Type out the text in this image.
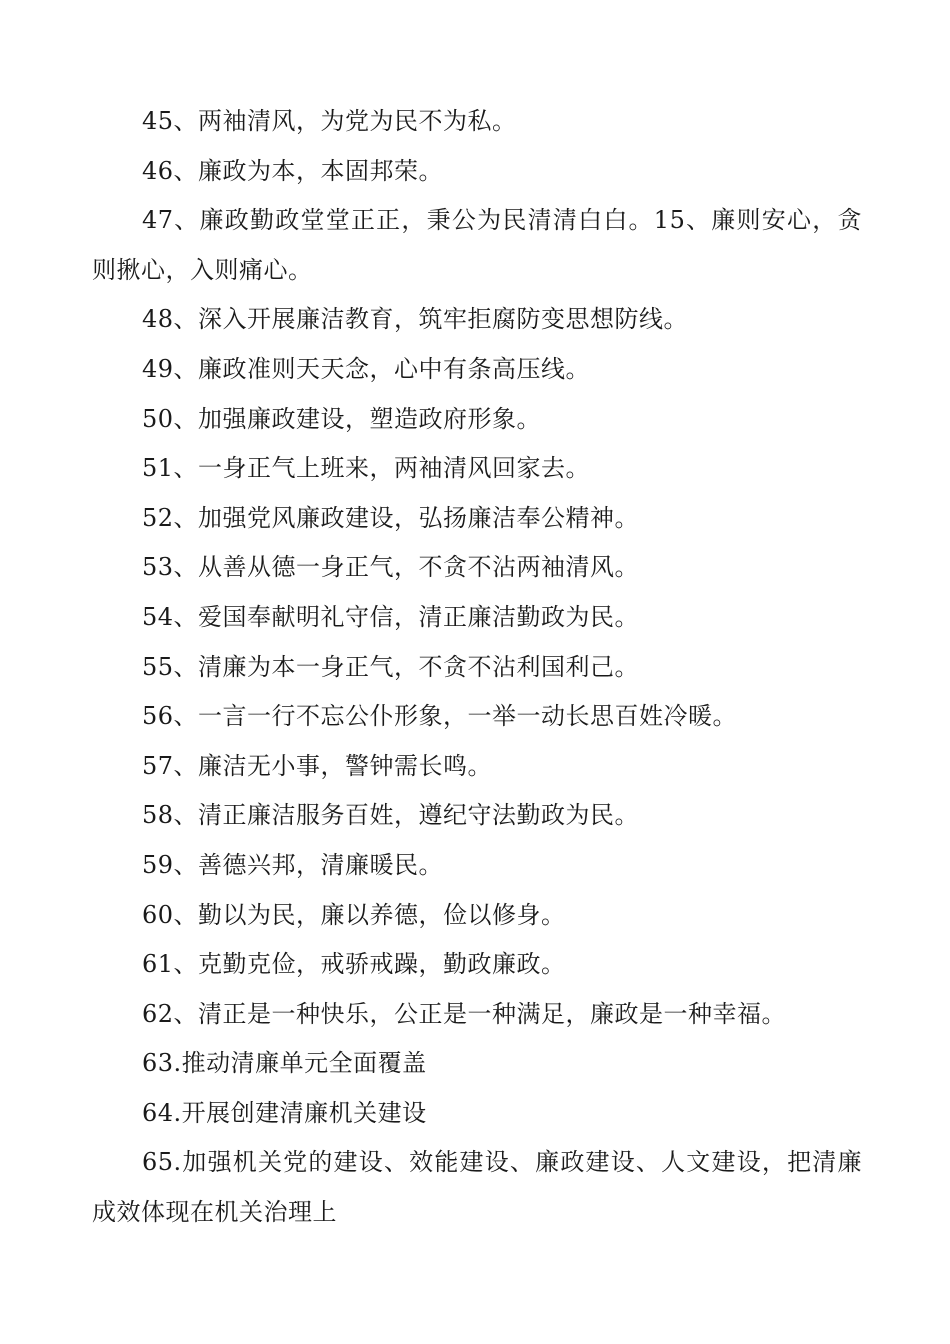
45、两袖清风，为党为民不为私。

46、廉政为本，本固邦荣。

47、廉政勤政堂堂正正，秉公为民清清白白。15、廉则安心，贪则揪心，入则痛心。

48、深入开展廉洁教育，筑牢拒腐防变思想防线。

49、廉政准则天天念，心中有条高压线。

50、加强廉政建设，塑造政府形象。

51、一身正气上班来，两袖清风回家去。

52、加强党风廉政建设，弘扬廉洁奉公精神。

53、从善从德一身正气，不贪不沾两袖清风。

54、爱国奉献明礼守信，清正廉洁勤政为民。

55、清廉为本一身正气，不贪不沾利国利己。

56、一言一行不忘公仆形象，一举一动长思百姓冷暖。

57、廉洁无小事，警钟需长鸣。

58、清正廉洁服务百姓，遵纪守法勤政为民。

59、善德兴邦，清廉暖民。

60、勤以为民，廉以养德，俭以修身。

61、克勤克俭，戒骄戒躁，勤政廉政。

62、清正是一种快乐，公正是一种满足，廉政是一种幸福。

63.推动清廉单元全面覆盖

64.开展创建清廉机关建设

65.加强机关党的建设、效能建设、廉政建设、人文建设，把清廉成效体现在机关治理上
